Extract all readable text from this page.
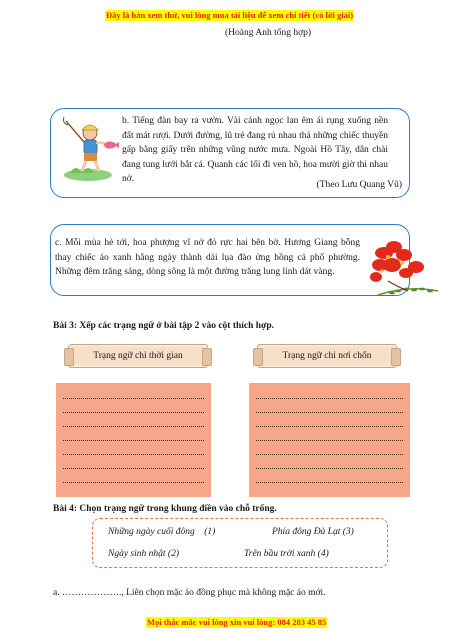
Đây là bản xem thử, vui lòng mua tài liệu để xem chi tiết (có lời giải)
(Hoàng Anh tổng hợp)
b. Tiếng đàn bay ra vườn. Vài cánh ngọc lan êm ái rụng xuống nền đất mát rượi. Dưới đường, lũ trẻ đang rủ nhau thả những chiếc thuyền gấp bằng giấy trên những vũng nước mưa. Ngoài Hồ Tây, dân chài đang tung lưới bắt cá. Quanh các lối đi ven hồ, hoa mười giờ thi nhau nở.
(Theo Lưu Quang Vũ)
c. Mỗi mùa hè tới, hoa phượng vĩ nở đỏ rực hai bên bờ. Hương Giang bỗng thay chiếc áo xanh hằng ngày thành dải lụa đào ửng hồng cả phố phường. Những đêm trăng sáng, dòng sông là một đường trăng lung linh dát vàng.
Bài 3: Xếp các trạng ngữ ở bài tập 2 vào cột thích hợp.
Trạng ngữ chỉ thời gian	Trạng ngữ chỉ nơi chốn
Bài 4: Chọn trạng ngữ trong khung điền vào chỗ trống.
Những ngày cuối đông    (1)	Phía đông Đà Lạt (3)
Ngày sinh nhật (2)	Trên bầu trời xanh (4)
a. ………………., Liên chọn mặc áo đồng phục mà không mặc áo mới.
Mọi thắc mắc vui lòng xin vui lòng: 084 283 45 85
